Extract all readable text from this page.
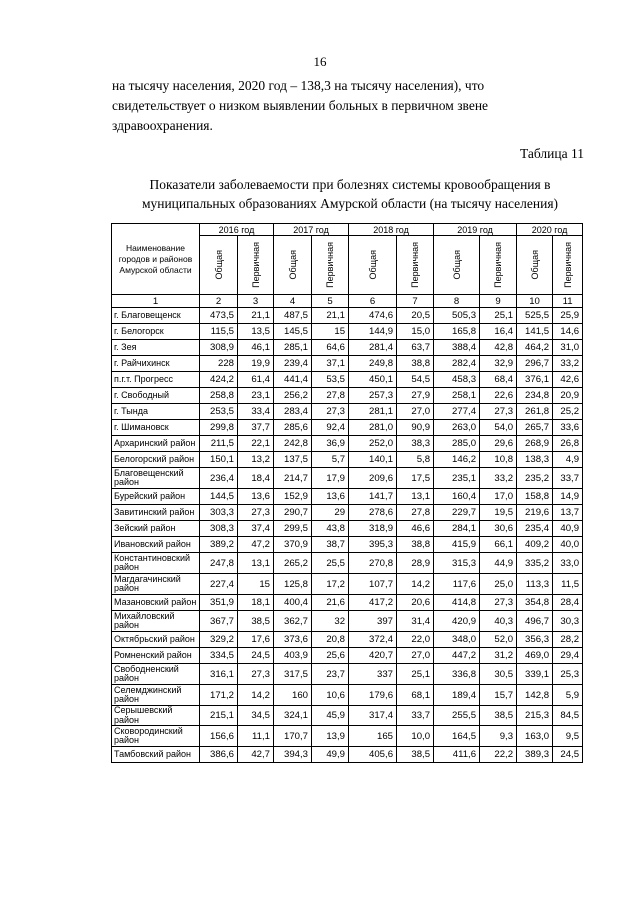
16
на тысячу населения, 2020 год – 138,3 на тысячу населения), что
свидетельствует о низком выявлении больных в первичном звене
здравоохранения.
Таблица 11
Показатели заболеваемости при болезнях системы кровообращения в
муниципальных образованиях Амурской области (на тысячу населения)
Наименование городов и районов Амурской области	2016 год		2017 год		2018 год		2019 год		2020 год	

	Общая	Первичная	Общая	Первичная	Общая	Первичная	Общая	Первичная	Общая	Первичная

1	2	3	4	5	6	7	8	9	10	11
г. Благовещенск	473,5	21,1	487,5	21,1	474,6	20,5	505,3	25,1	525,5	25,9
г. Белогорск	115,5	13,5	145,5	15	144,9	15,0	165,8	16,4	141,5	14,6
г. Зея	308,9	46,1	285,1	64,6	281,4	63,7	388,4	42,8	464,2	31,0
г. Райчихинск	228	19,9	239,4	37,1	249,8	38,8	282,4	32,9	296,7	33,2
п.г.т. Прогресс	424,2	61,4	441,4	53,5	450,1	54,5	458,3	68,4	376,1	42,6
г. Свободный	258,8	23,1	256,2	27,8	257,3	27,9	258,1	22,6	234,8	20,9
г. Тында	253,5	33,4	283,4	27,3	281,1	27,0	277,4	27,3	261,8	25,2
г. Шимановск	299,8	37,7	285,6	92,4	281,0	90,9	263,0	54,0	265,7	33,6
Архаринский район	211,5	22,1	242,8	36,9	252,0	38,3	285,0	29,6	268,9	26,8
Белогорский район	150,1	13,2	137,5	5,7	140,1	5,8	146,2	10,8	138,3	4,9
Благовещенский район	236,4	18,4	214,7	17,9	209,6	17,5	235,1	33,2	235,2	33,7
Бурейский район	144,5	13,6	152,9	13,6	141,7	13,1	160,4	17,0	158,8	14,9
Завитинский район	303,3	27,3	290,7	29	278,6	27,8	229,7	19,5	219,6	13,7
Зейский район	308,3	37,4	299,5	43,8	318,9	46,6	284,1	30,6	235,4	40,9
Ивановский район	389,2	47,2	370,9	38,7	395,3	38,8	415,9	66,1	409,2	40,0
Константиновский район	247,8	13,1	265,2	25,5	270,8	28,9	315,3	44,9	335,2	33,0
Магдагачинский район	227,4	15	125,8	17,2	107,7	14,2	117,6	25,0	113,3	11,5
Мазановский район	351,9	18,1	400,4	21,6	417,2	20,6	414,8	27,3	354,8	28,4
Михайловский район	367,7	38,5	362,7	32	397	31,4	420,9	40,3	496,7	30,3
Октябрьский район	329,2	17,6	373,6	20,8	372,4	22,0	348,0	52,0	356,3	28,2
Ромненский район	334,5	24,5	403,9	25,6	420,7	27,0	447,2	31,2	469,0	29,4
Свободненский район	316,1	27,3	317,5	23,7	337	25,1	336,8	30,5	339,1	25,3
Селемджинский район	171,2	14,2	160	10,6	179,6	68,1	189,4	15,7	142,8	5,9
Серышевский район	215,1	34,5	324,1	45,9	317,4	33,7	255,5	38,5	215,3	84,5
Сковородинский район	156,6	11,1	170,7	13,9	165	10,0	164,5	9,3	163,0	9,5
Тамбовский район	386,6	42,7	394,3	49,9	405,6	38,5	411,6	22,2	389,3	24,5
